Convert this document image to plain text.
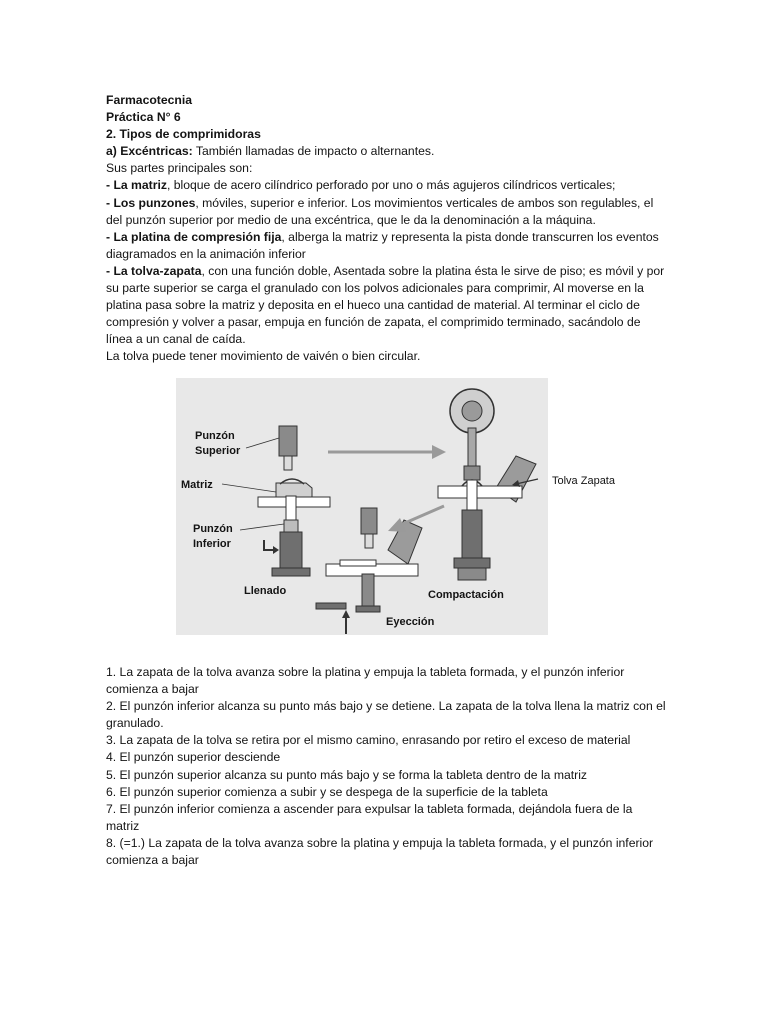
Farmacotecnia

Práctica N° 6

2. Tipos de comprimidoras

a) Excéntricas: También llamadas de impacto o alternantes.

Sus partes principales son:

- La matriz, bloque de acero cilíndrico perforado por uno o más agujeros cilíndricos verticales;

- Los punzones, móviles, superior e inferior. Los movimientos verticales de ambos son regulables, el del punzón superior por medio de una excéntrica, que le da la denominación a la máquina.

- La platina de compresión fija, alberga la matriz y representa la pista donde transcurren los eventos diagramados en la animación inferior

- La tolva-zapata, con una función doble, Asentada sobre la platina ésta le sirve de piso; es móvil y por su parte superior se carga el granulado con los polvos adicionales para comprimir, Al moverse en la platina pasa sobre la matriz y deposita en el hueco una cantidad de material. Al terminar el ciclo de compresión y volver a pasar, empuja en función de zapata, el comprimido terminado, sacándolo de línea a un canal de caída.

La tolva puede tener movimiento de vaivén o bien circular.

Punzón
Superior
Matriz
Punzón
Inferior
Llenado
Eyección
Compactación
Tolva Zapata

1. La zapata de la tolva avanza sobre la platina y empuja la tableta formada, y el punzón inferior comienza a bajar

2. El punzón inferior alcanza su punto más bajo y se detiene. La zapata de la tolva llena la matriz con el granulado.

3. La zapata de la tolva se retira por el mismo camino, enrasando por retiro el exceso de material

4. El punzón superior desciende

5. El punzón superior alcanza su punto más bajo y se forma la tableta dentro de la matriz

6. El punzón superior comienza a subir y se despega de la superficie de la tableta

7. El punzón inferior comienza a ascender para expulsar la tableta formada, dejándola fuera de la matriz

8. (=1.) La zapata de la tolva avanza sobre la platina y empuja la tableta formada, y el punzón inferior comienza a bajar
